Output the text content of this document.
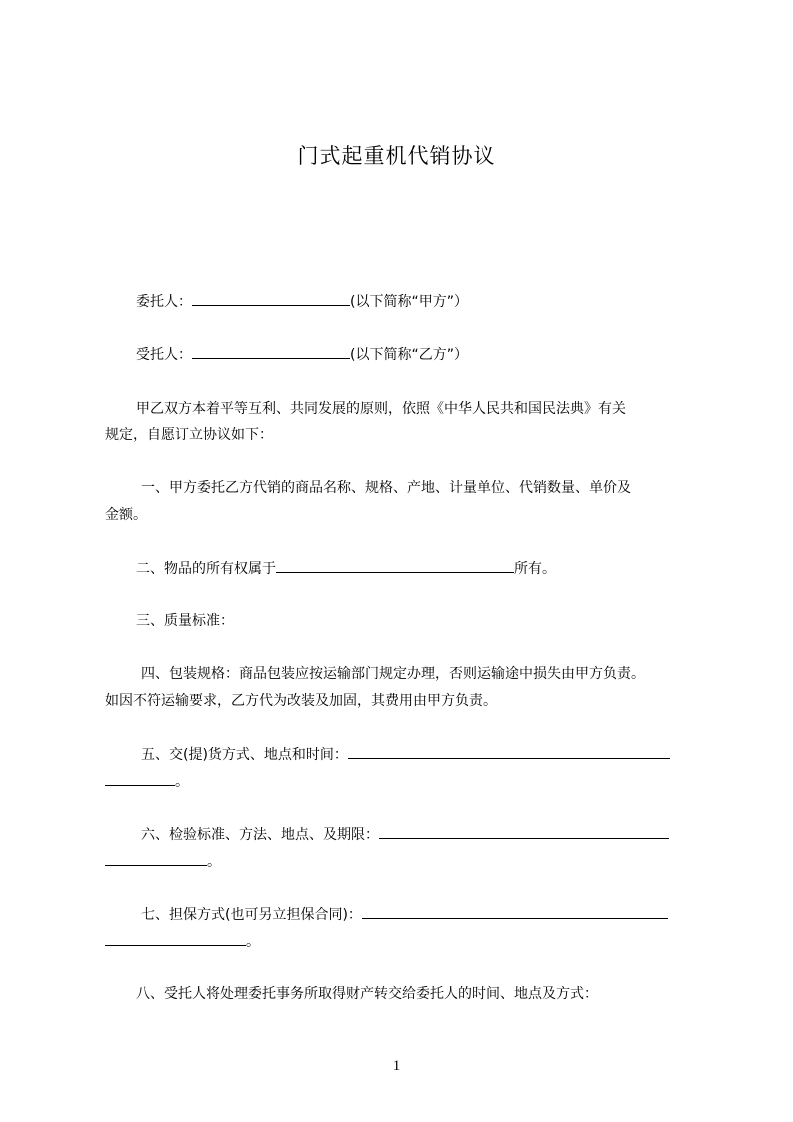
门式起重机代销协议
委托人：	(以下简称“甲方”）
受托人：	(以下简称“乙方”）
甲乙双方本着平等互利、共同发展的原则，依照《中华人民共和国民法典》有关
规定，自愿订立协议如下：
一、甲方委托乙方代销的商品名称、规格、产地、计量单位、代销数量、单价及
金额。
二、物品的所有权属于	所有。
三、质量标准：
四、包装规格：商品包装应按运输部门规定办理，否则运输途中损失由甲方负责。
如因不符运输要求，乙方代为改装及加固，其费用由甲方负责。
五、交(提)货方式、地点和时间：
。
六、检验标准、方法、地点、及期限：
。
七、担保方式(也可另立担保合同)：
。
八、受托人将处理委托事务所取得财产转交给委托人的时间、地点及方式：
1
